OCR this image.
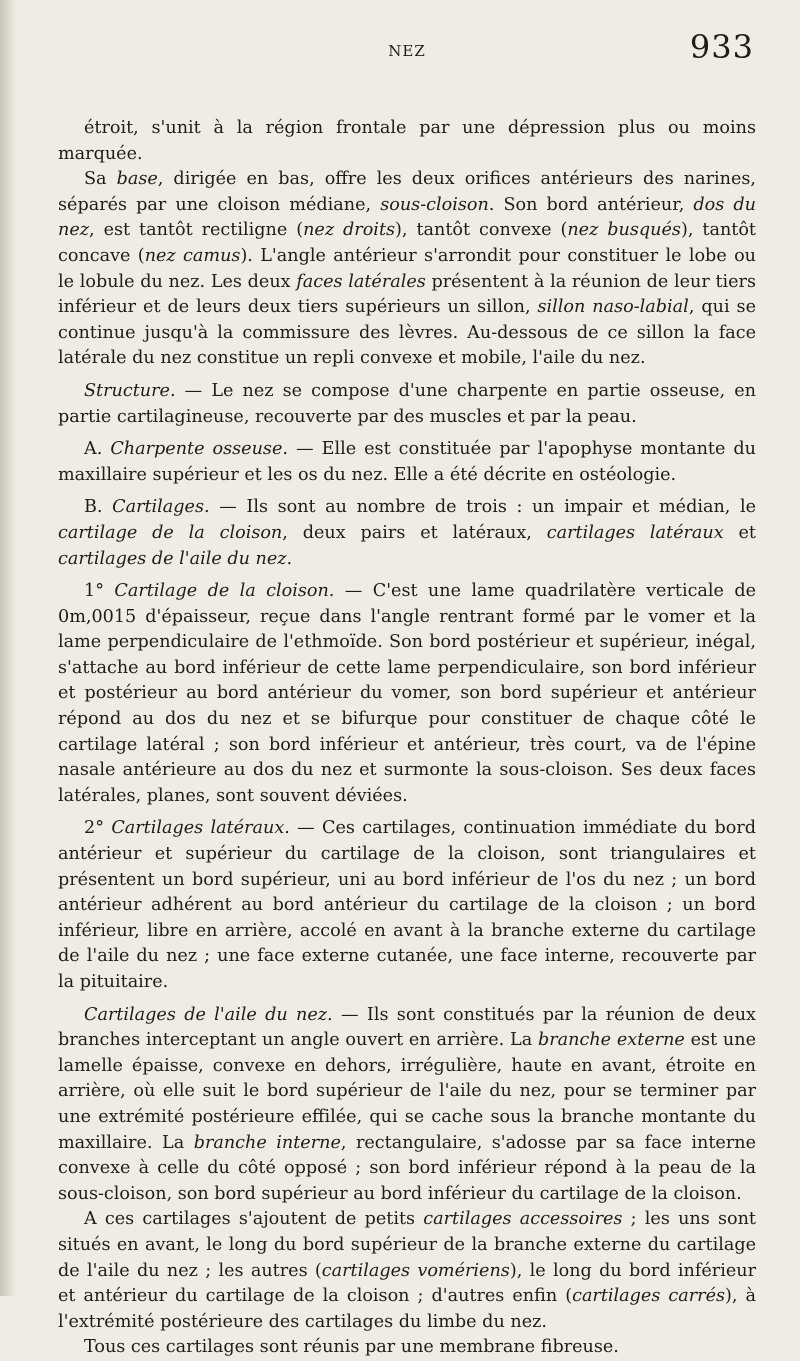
NEZ	933

étroit, s'unit à la région frontale par une dépression plus ou moins marquée.

Sa base, dirigée en bas, offre les deux orifices antérieurs des narines, séparés par une cloison médiane, sous-cloison. Son bord antérieur, dos du nez, est tantôt rectiligne (nez droits), tantôt convexe (nez busqués), tantôt concave (nez camus). L'angle antérieur s'arrondit pour constituer le lobe ou le lobule du nez. Les deux faces latérales présentent à la réunion de leur tiers inférieur et de leurs deux tiers supérieurs un sillon, sillon naso-labial, qui se continue jusqu'à la commissure des lèvres. Au-dessous de ce sillon la face latérale du nez constitue un repli convexe et mobile, l'aile du nez.

Structure. — Le nez se compose d'une charpente en partie osseuse, en partie cartilagineuse, recouverte par des muscles et par la peau.

A. Charpente osseuse. — Elle est constituée par l'apophyse montante du maxillaire supérieur et les os du nez. Elle a été décrite en ostéologie.

B. Cartilages. — Ils sont au nombre de trois : un impair et médian, le cartilage de la cloison, deux pairs et latéraux, cartilages latéraux et cartilages de l'aile du nez.

1° Cartilage de la cloison. — C'est une lame quadrilatère verticale de 0m,0015 d'épaisseur, reçue dans l'angle rentrant formé par le vomer et la lame perpendiculaire de l'ethmoïde. Son bord postérieur et supérieur, inégal, s'attache au bord inférieur de cette lame perpendiculaire, son bord inférieur et postérieur au bord antérieur du vomer, son bord supérieur et antérieur répond au dos du nez et se bifurque pour constituer de chaque côté le cartilage latéral ; son bord inférieur et antérieur, très court, va de l'épine nasale antérieure au dos du nez et surmonte la sous-cloison. Ses deux faces latérales, planes, sont souvent déviées.

2° Cartilages latéraux. — Ces cartilages, continuation immédiate du bord antérieur et supérieur du cartilage de la cloison, sont triangulaires et présentent un bord supérieur, uni au bord inférieur de l'os du nez ; un bord antérieur adhérent au bord antérieur du cartilage de la cloison ; un bord inférieur, libre en arrière, accolé en avant à la branche externe du cartilage de l'aile du nez ; une face externe cutanée, une face interne, recouverte par la pituitaire.

Cartilages de l'aile du nez. — Ils sont constitués par la réunion de deux branches interceptant un angle ouvert en arrière. La branche externe est une lamelle épaisse, convexe en dehors, irrégulière, haute en avant, étroite en arrière, où elle suit le bord supérieur de l'aile du nez, pour se terminer par une extrémité postérieure effilée, qui se cache sous la branche montante du maxillaire. La branche interne, rectangulaire, s'adosse par sa face interne convexe à celle du côté opposé ; son bord inférieur répond à la peau de la sous-cloison, son bord supérieur au bord inférieur du cartilage de la cloison.

A ces cartilages s'ajoutent de petits cartilages accessoires ; les uns sont situés en avant, le long du bord supérieur de la branche externe du cartilage de l'aile du nez ; les autres (cartilages vomériens), le long du bord inférieur et antérieur du cartilage de la cloison ; d'autres enfin (cartilages carrés), à l'extrémité postérieure des cartilages du limbe du nez.

Tous ces cartilages sont réunis par une membrane fibreuse.
